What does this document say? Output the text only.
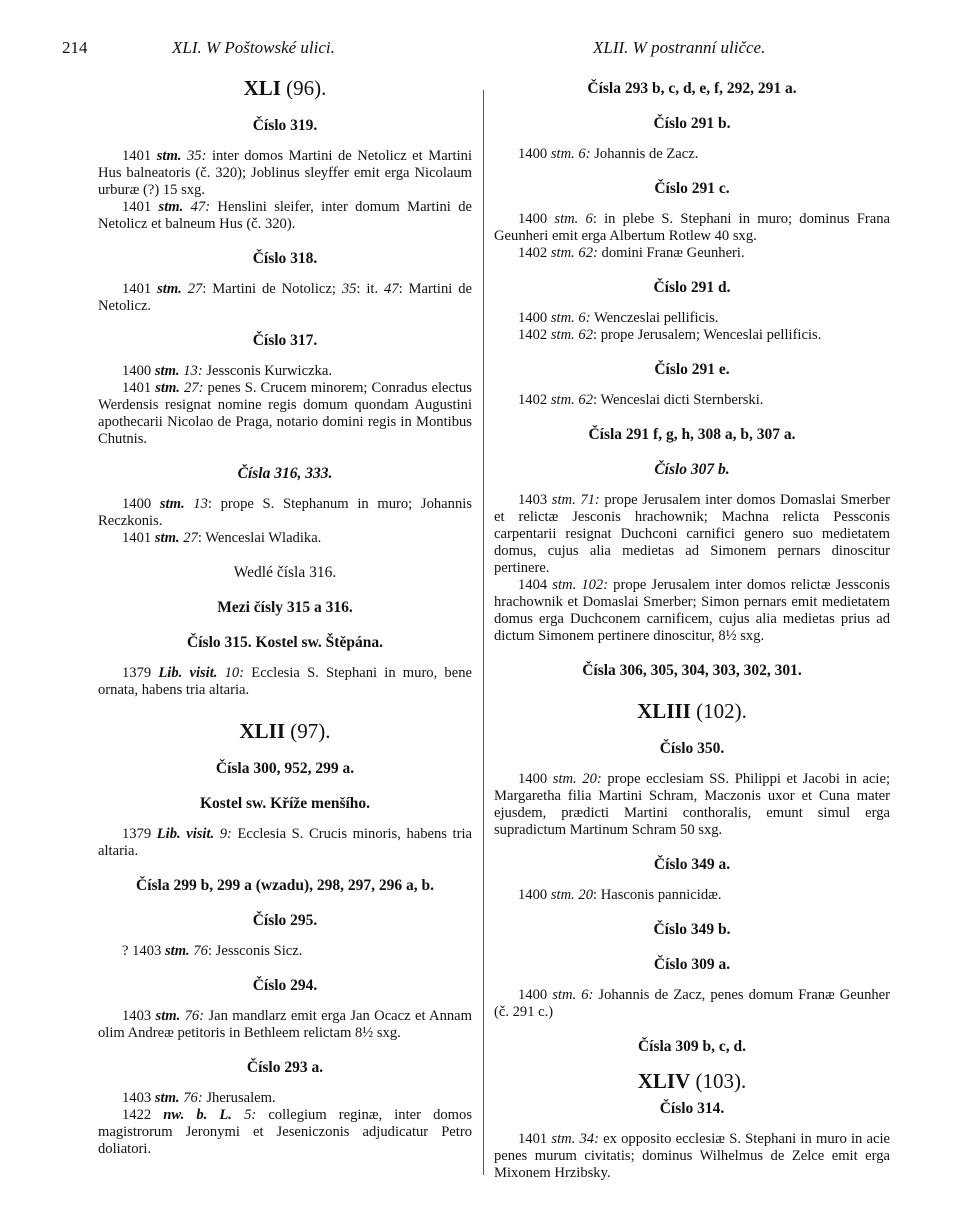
214	XLI. W Poštowské ulici.	XLII. W postranní uličce.
XLI (96).
Číslo 319.

1401 stm. 35: inter domos Martini de Netolicz et Martini Hus balneatoris (č. 320); Joblinus sleyffer emit erga Nicolaum urburæ (?) 15 sxg.

1401 stm. 47: Henslini sleifer, inter domum Martini de Netolicz et balneum Hus (č. 320).

Číslo 318.

1401 stm. 27: Martini de Notolicz; 35: it. 47: Martini de Netolicz.

Číslo 317.

1400 stm. 13: Jessconis Kurwiczka.

1401 stm. 27: penes S. Crucem minorem; Conradus electus Werdensis resignat nomine regis domum quondam Augustini apothecarii Nicolao de Praga, notario domini regis in Montibus Chutnis.

Čísla 316, 333.

1400 stm. 13: prope S. Stephanum in muro; Johannis Reczkonis.

1401 stm. 27: Wenceslai Wladika.

Wedlé čísla 316.
Mezi čísly 315 a 316.
Číslo 315. Kostel sw. Štěpána.

1379 Lib. visit. 10: Ecclesia S. Stephani in muro, bene ornata, habens tria altaria.

XLII (97).
Čísla 300, 952, 299 a.
Kostel sw. Kříže menšího.

1379 Lib. visit. 9: Ecclesia S. Crucis minoris, habens tria altaria.

Čísla 299 b, 299 a (wzadu), 298, 297, 296 a, b.
Číslo 295.

? 1403 stm. 76: Jessconis Sicz.

Číslo 294.

1403 stm. 76: Jan mandlarz emit erga Jan Ocacz et Annam olim Andreæ petitoris in Bethleem relictam 8½ sxg.

Číslo 293 a.

1403 stm. 76: Jherusalem.

1422 nw. b. L. 5: collegium reginæ, inter domos magistrorum Jeronymi et Jeseniczonis adjudicatur Petro doliatori.

Čísla 293 b, c, d, e, f, 292, 291 a.
Číslo 291 b.

1400 stm. 6: Johannis de Zacz.

Číslo 291 c.

1400 stm. 6: in plebe S. Stephani in muro; dominus Frana Geunheri emit erga Albertum Rotlew 40 sxg.

1402 stm. 62: domini Franæ Geunheri.

Číslo 291 d.

1400 stm. 6: Wenczeslai pellificis.

1402 stm. 62: prope Jerusalem; Wenceslai pellificis.

Číslo 291 e.

1402 stm. 62: Wenceslai dicti Sternberski.

Čísla 291 f, g, h, 308 a, b, 307 a.
Číslo 307 b.

1403 stm. 71: prope Jerusalem inter domos Domaslai Smerber et relictæ Jesconis hrachownik; Machna relicta Pessconis carpentarii resignat Duchconi carnifici genero suo medietatem domus, cujus alia medietas ad Simonem pernars dinoscitur pertinere.

1404 stm. 102: prope Jerusalem inter domos relictæ Jessconis hrachownik et Domaslai Smerber; Simon pernars emit medietatem domus erga Duchconem carnificem, cujus alia medietas prius ad dictum Simonem pertinere dinoscitur, 8½ sxg.

Čísla 306, 305, 304, 303, 302, 301.
XLIII (102).
Číslo 350.

1400 stm. 20: prope ecclesiam SS. Philippi et Jacobi in acie; Margaretha filia Martini Schram, Maczonis uxor et Cuna mater ejusdem, prædicti Martini conthoralis, emunt simul erga supradictum Martinum Schram 50 sxg.

Číslo 349 a.

1400 stm. 20: Hasconis pannicidæ.

Číslo 349 b.
Číslo 309 a.

1400 stm. 6: Johannis de Zacz, penes domum Franæ Geunher (č. 291 c.)

Čísla 309 b, c, d.
XLIV (103).
Číslo 314.

1401 stm. 34: ex opposito ecclesiæ S. Stephani in muro in acie penes murum civitatis; dominus Wilhelmus de Zelce emit erga Mixonem Hrzibsky.
